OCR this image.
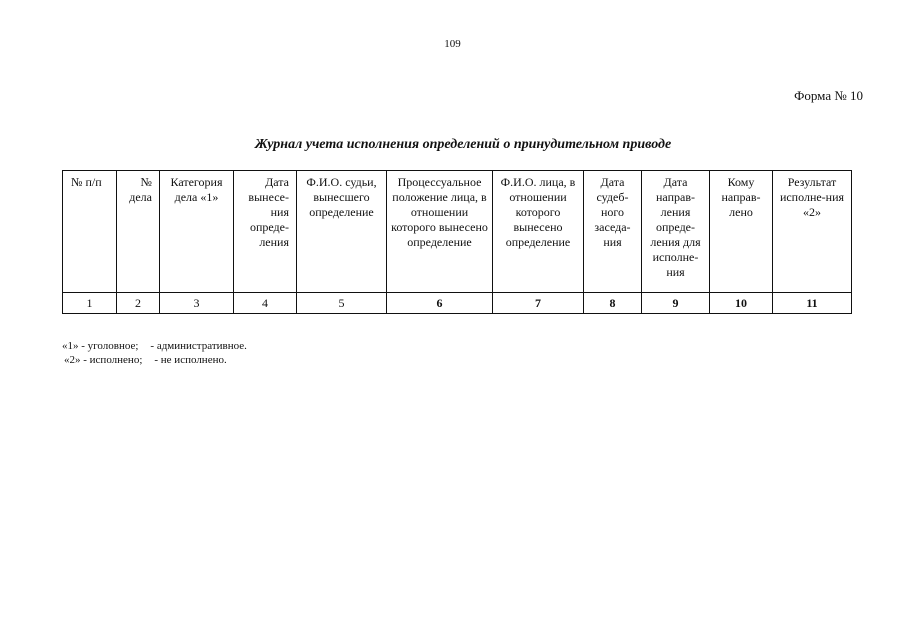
109
Форма № 10
Журнал учета исполнения определений о принудительном приводе
№ п/п	№ дела	Категория дела «1»	Дата вынесе-ния опреде-ления	Ф.И.О. судьи, вынесшего определение	Процессуальное положение лица, в отношении которого вынесено определение	Ф.И.О. лица, в отношении которого вынесено определение	Дата судеб-ного заседа-ния	Дата направ-ления опреде-ления для исполне-ния	Кому направ-лено	Результат исполне-ния «2»
1	2	3	4	5	6	7	8	9	10	11
«1» - уголовное; - административное.
«2» - исполнено; - не исполнено.
